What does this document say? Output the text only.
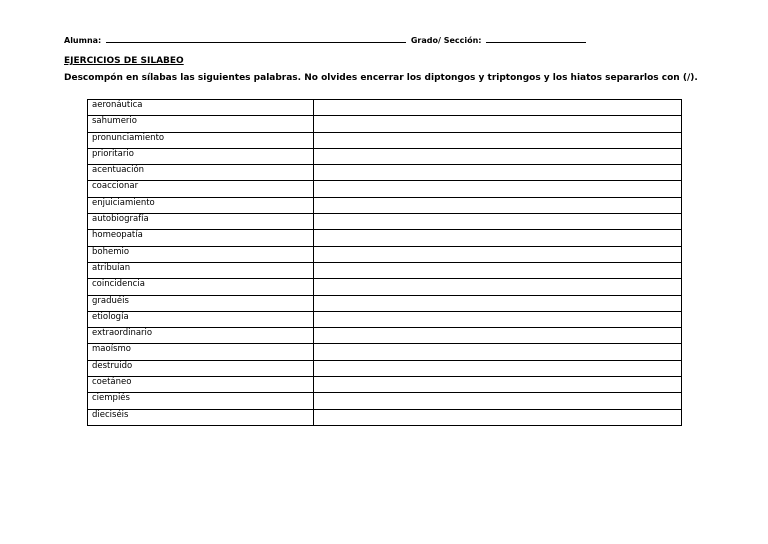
Alumna:	Grado/ Sección:
EJERCICIOS DE SILABEO
Descompón en sílabas las siguientes palabras. No olvides encerrar los diptongos y triptongos y los hiatos separarlos con (/).
aeronáutica	
sahumerio	
pronunciamiento	
prioritario	
acentuación	
coaccionar	
enjuiciamiento	
autobiografía	
homeopatía	
bohemio	
atribuían	
coincidencia	
graduéis	
etiología	
extraordinario	
maoísmo	
destruido	
coetáneo	
ciempiés	
dieciséis	
